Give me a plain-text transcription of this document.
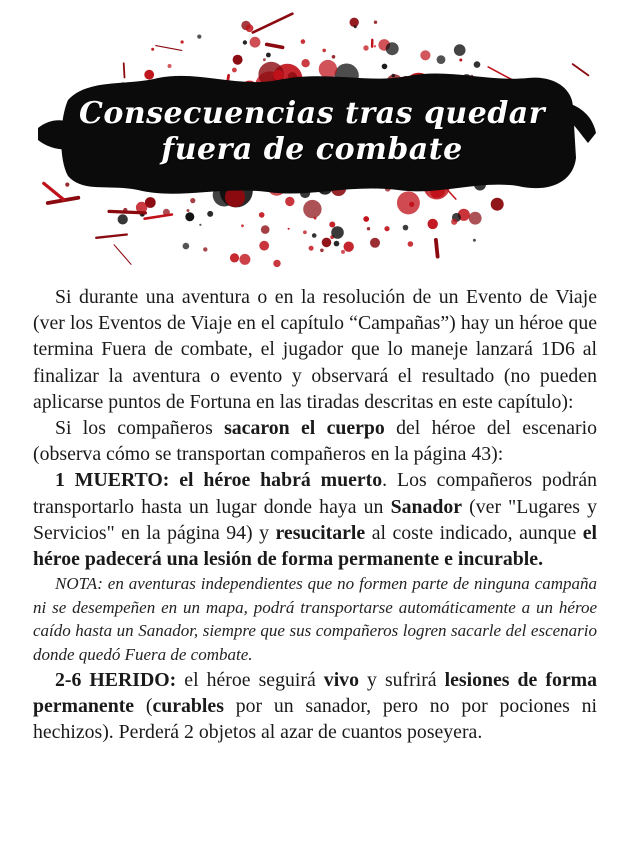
Consecuencias tras quedar
fuera de combate

Si durante una aventura o en la resolución de un Evento de Viaje (ver los Eventos de Viaje en el capítulo “Campañas”) hay un héroe que termina Fuera de combate, el jugador que lo maneje lanzará 1D6 al finalizar la aventura o evento y observará el resultado (no pueden aplicarse puntos de Fortuna en las tiradas descritas en este capítulo):

Si los compañeros sacaron el cuerpo del héroe del escenario (observa cómo se transportan compañeros en la página 43):

1 MUERTO: el héroe habrá muerto. Los compañeros podrán transportarlo hasta un lugar donde haya un Sanador (ver "Lugares y Servicios" en la página 94) y resucitarle al coste indicado, aunque el héroe padecerá una lesión de forma permanente e incurable.

NOTA: en aventuras independientes que no formen parte de ninguna campaña ni se desempeñen en un mapa, podrá transportarse automáticamente a un héroe caído hasta un Sanador, siempre que sus compañeros logren sacarle del escenario donde quedó Fuera de combate.

2-6 HERIDO: el héroe seguirá vivo y sufrirá lesiones de forma permanente (curables por un sanador, pero no por pociones ni hechizos). Perderá 2 objetos al azar de cuantos poseyera.
